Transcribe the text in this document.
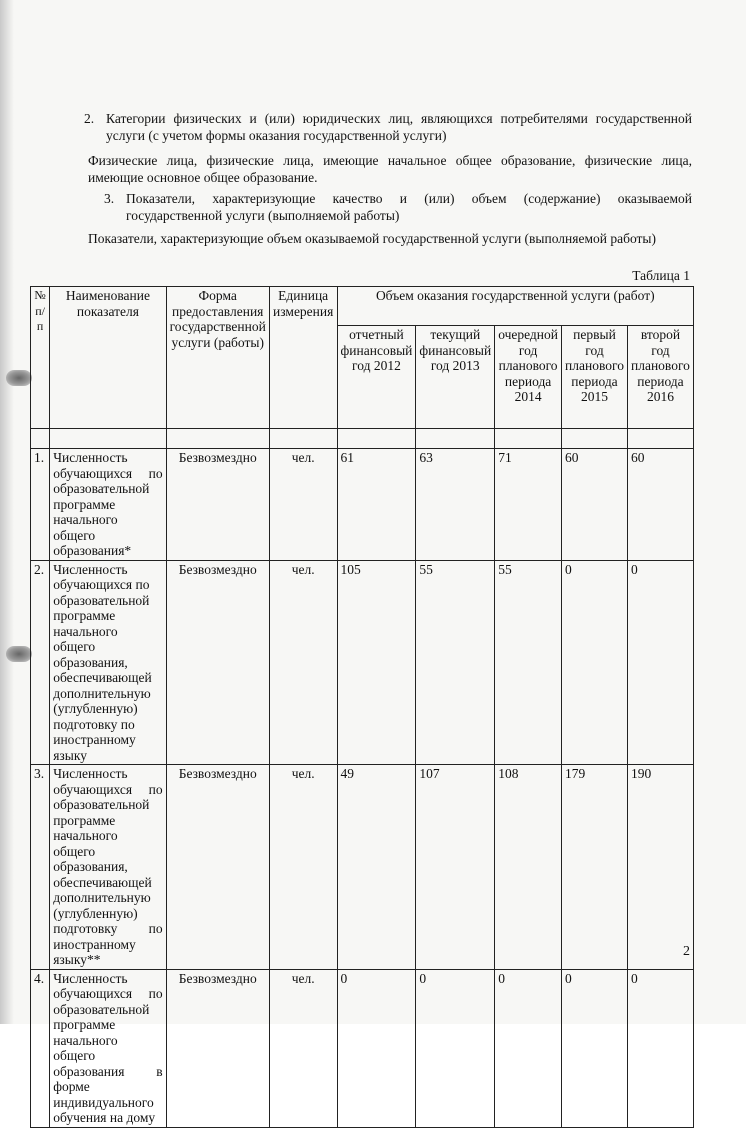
2. Категории физических и (или) юридических лиц, являющихся потребителями государственной услуги (с учетом формы оказания государственной услуги)
Физические лица, физические лица, имеющие начальное общее образование, физические лица, имеющие основное общее образование.
3. Показатели, характеризующие качество и (или) объем (содержание) оказываемой государственной услуги (выполняемой работы)
Показатели, характеризующие объем оказываемой государственной услуги (выполняемой работы)
Таблица 1
№ п/п	Наименование показателя	Форма предоставления государственной услуги (работы)	Единица измерения	Объем оказания государственной услуги (работ)				
				отчетный финансовый год 2012	текущий финансовый год 2013	очередной год планового периода 2014	первый год планового периода 2015	второй год планового периода 2016

1.	Численность обучающихся по образовательной программе начального общего образования*	Безвозмездно	чел.	61	63	71	60	60
2.	Численность обучающихся по образовательной программе начального общего образования, обеспечивающей дополнительную (углубленную) подготовку по иностранному языку	Безвозмездно	чел.	105	55	55	0	0
3.	Численность обучающихся по образовательной программе начального общего образования, обеспечивающей дополнительную (углубленную) подготовку по иностранному языку**	Безвозмездно	чел.	49	107	108	179	190
4.	Численность обучающихся по образовательной программе начального общего образования в форме индивидуального обучения на дому	Безвозмездно	чел.	0	0	0	0	0
2
